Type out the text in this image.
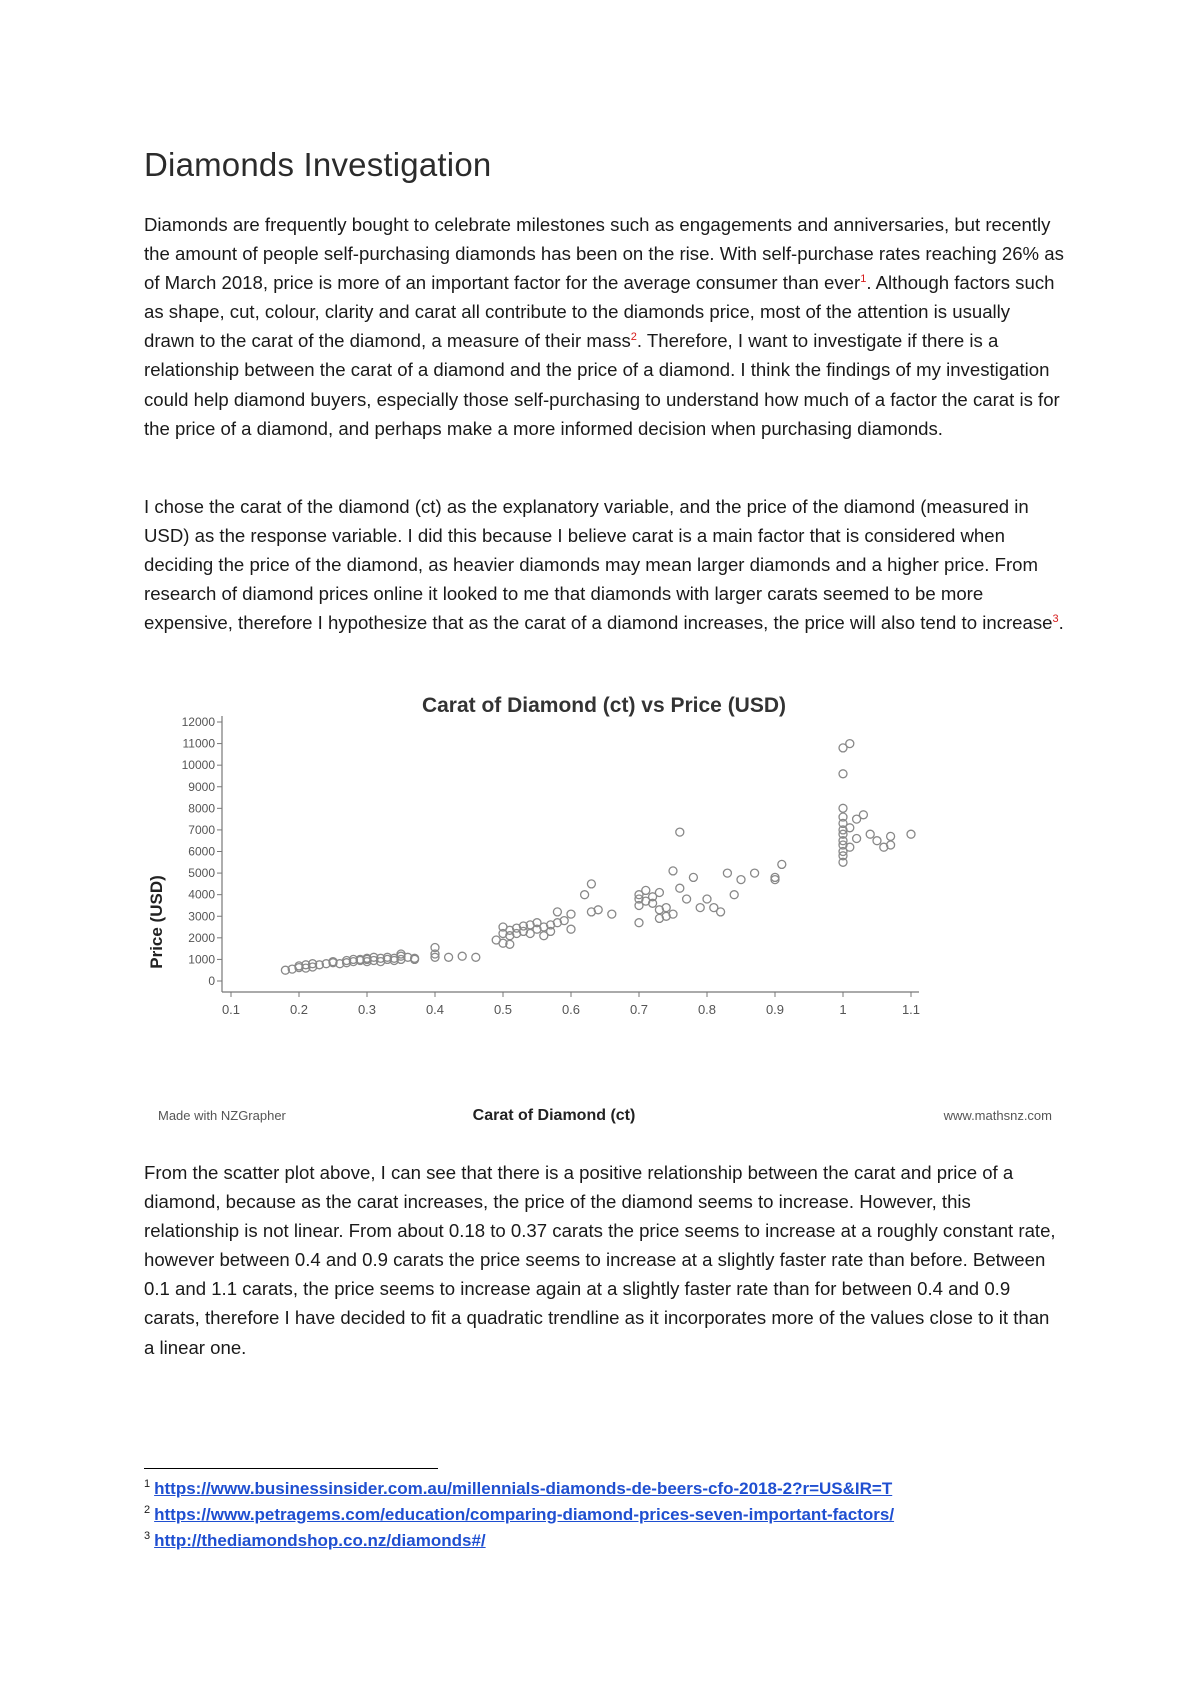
Diamonds Investigation

Diamonds are frequently bought to celebrate milestones such as engagements and anniversaries, but recently the amount of people self-purchasing diamonds has been on the rise. With self-purchase rates reaching 26% as of March 2018, price is more of an important factor for the average consumer than ever$^1$. Although factors such as shape, cut, colour, clarity and carat all contribute to the diamonds price, most of the attention is usually drawn to the carat of the diamond, a measure of their mass$^2$. Therefore, I want to investigate if there is a relationship between the carat of a diamond and the price of a diamond. I think the findings of my investigation could help diamond buyers, especially those self-purchasing to understand how much of a factor the carat is for the price of a diamond, and perhaps make a more informed decision when purchasing diamonds.

I chose the carat of the diamond (ct) as the explanatory variable, and the price of the diamond (measured in USD) as the response variable. I did this because I believe carat is a main factor that is considered when deciding the price of the diamond, as heavier diamonds may mean larger diamonds and a higher price. From research of diamond prices online it looked to me that diamonds with larger carats seemed to be more expensive, therefore I hypothesize that as the carat of a diamond increases, the price will also tend to increase$^3$.

Carat of Diamond (ct) vs Price (USD)
Price (USD)
Carat of Diamond (ct)
Made with NZGrapher	www.mathsnz.com
0
1000
2000
3000
4000
5000
6000
7000
8000
9000
10000
11000
12000
0.1	0.2	0.3	0.4	0.5	0.6	0.7	0.8	0.9	1	1.1

From the scatter plot above, I can see that there is a positive relationship between the carat and price of a diamond, because as the carat increases, the price of the diamond seems to increase. However, this relationship is not linear. From about 0.18 to 0.37 carats the price seems to increase at a roughly constant rate, however between 0.4 and 0.9 carats the price seems to increase at a slightly faster rate than before. Between 0.1 and 1.1 carats, the price seems to increase again at a slightly faster rate than for between 0.4 and 0.9 carats, therefore I have decided to fit a quadratic trendline as it incorporates more of the values close to it than a linear one.

$^1$ https://www.businessinsider.com.au/millennials-diamonds-de-beers-cfo-2018-2?r=US&IR=T
$^2$ https://www.petragems.com/education/comparing-diamond-prices-seven-important-factors/
$^3$ http://thediamondshop.co.nz/diamonds#/
